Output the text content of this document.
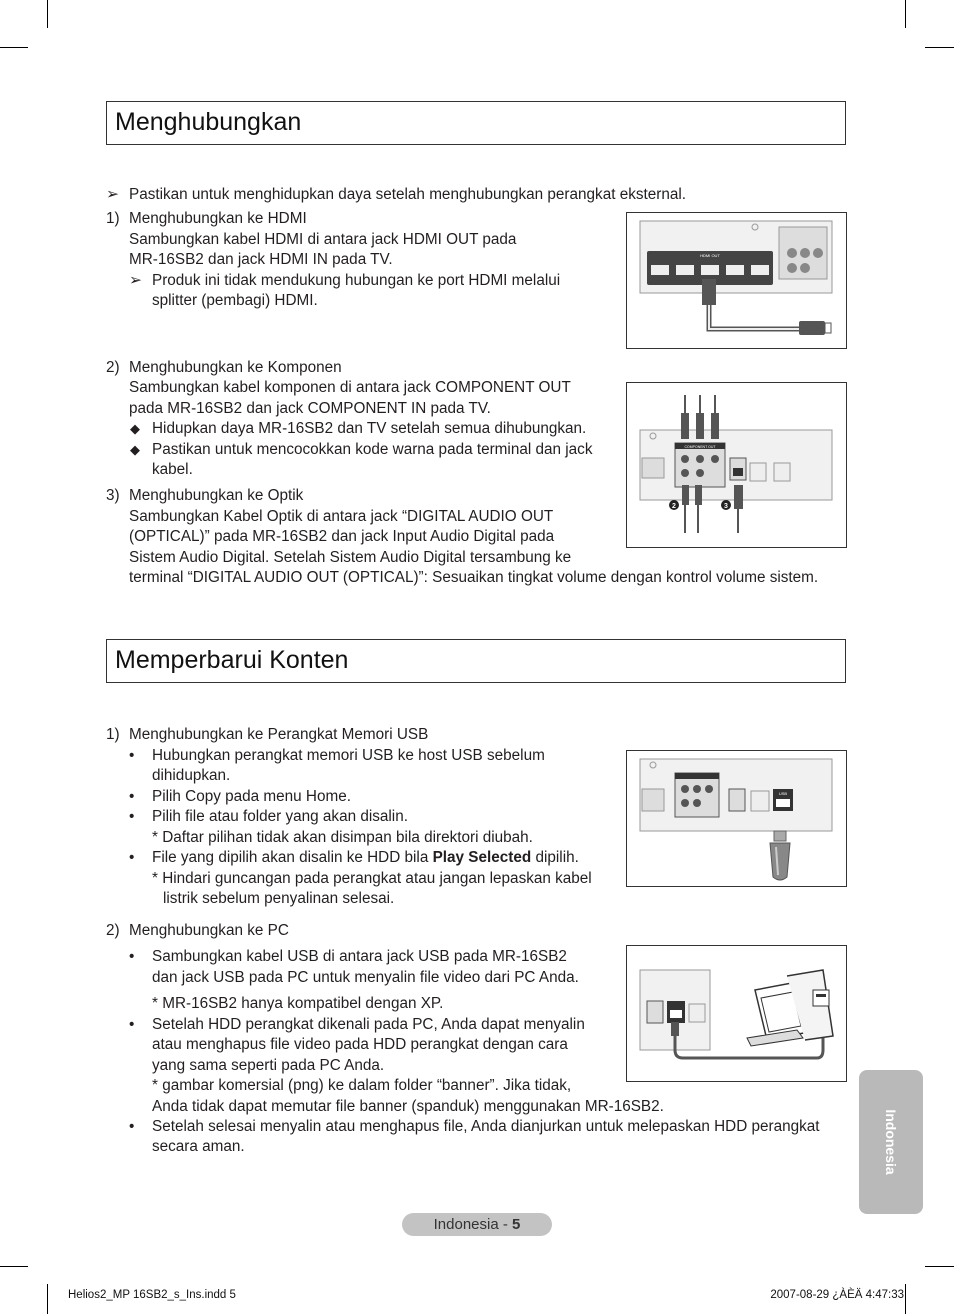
Menghubungkan
➢ Pastikan untuk menghidupkan daya setelah menghubungkan perangkat eksternal.
1) Menghubungkan ke HDMI
Sambungkan kabel HDMI di antara jack HDMI OUT pada
MR-16SB2 dan jack HDMI IN pada TV.
➢ Produk ini tidak mendukung hubungan ke port HDMI melalui
splitter (pembagi) HDMI.
HDMI OUT
2) Menghubungkan ke Komponen
Sambungkan kabel komponen di antara jack COMPONENT OUT
pada MR-16SB2 dan jack COMPONENT IN pada TV.
◆ Hidupkan daya MR-16SB2 dan TV setelah semua dihubungkan.
◆ Pastikan untuk mencocokkan kode warna pada terminal dan jack
kabel.
3) Menghubungkan ke Optik
Sambungkan Kabel Optik di antara jack “DIGITAL AUDIO OUT
(OPTICAL)” pada MR-16SB2 dan jack Input Audio Digital pada
Sistem Audio Digital. Setelah Sistem Audio Digital tersambung ke
terminal “DIGITAL AUDIO OUT (OPTICAL)”: Sesuaikan tingkat volume dengan kontrol volume sistem.
COMPONENT OUT
2	3
Memperbarui Konten
1) Menghubungkan ke Perangkat Memori USB
• Hubungkan perangkat memori USB ke host USB sebelum
dihidupkan.
• Pilih Copy pada menu Home.
• Pilih file atau folder yang akan disalin.
* Daftar pilihan tidak akan disimpan bila direktori diubah.
• File yang dipilih akan disalin ke HDD bila Play Selected dipilih.
* Hindari guncangan pada perangkat atau jangan lepaskan kabel
listrik sebelum penyalinan selesai.
USB
2) Menghubungkan ke PC
• Sambungkan kabel USB di antara jack USB pada MR-16SB2
dan jack USB pada PC untuk menyalin file video dari PC Anda.
* MR-16SB2 hanya kompatibel dengan XP.
• Setelah HDD perangkat dikenali pada PC, Anda dapat menyalin
atau menghapus file video pada HDD perangkat dengan cara
yang sama seperti pada PC Anda.
* gambar komersial (png) ke dalam folder “banner”. Jika tidak,
Anda tidak dapat memutar file banner (spanduk) menggunakan MR-16SB2.
• Setelah selesai menyalin atau menghapus file, Anda dianjurkan untuk melepaskan HDD perangkat
secara aman.	Indonesia
Indonesia - 5
Helios2_MP 16SB2_s_Ins.indd 5	2007-08-29 ¿ÀÈÄ 4:47:33
